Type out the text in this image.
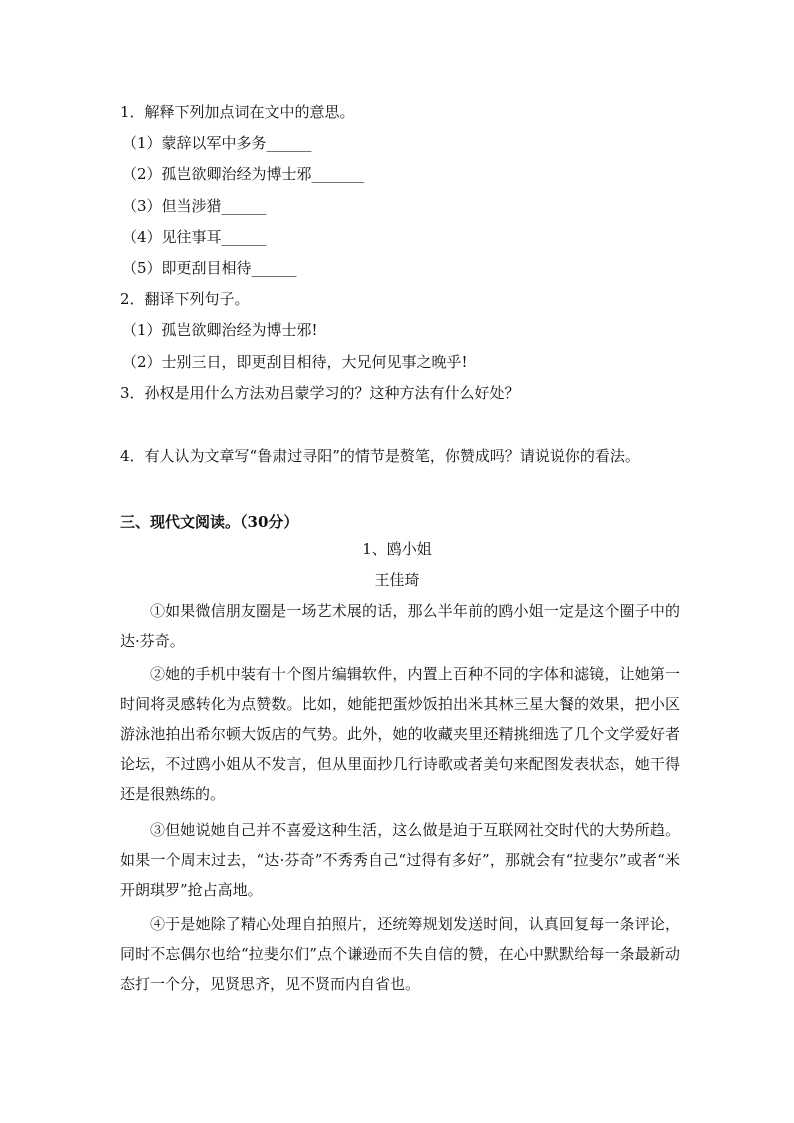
1．解释下列加点词在文中的意思。
（1）蒙辞以军中多务______
（2）孤岂欲卿治经为博士邪_______
（3）但当涉猎______
（4）见往事耳______
（5）即更刮目相待______
2．翻译下列句子。
（1）孤岂欲卿治经为博士邪!
（2）士别三日，即更刮目相待，大兄何见事之晚乎!
3．孙权是用什么方法劝吕蒙学习的？这种方法有什么好处？
4．有人认为文章写“鲁肃过寻阳”的情节是赘笔，你赞成吗？请说说你的看法。
三、现代文阅读。（30分）
1、鸥小姐
王佳琦
①如果微信朋友圈是一场艺术展的话，那么半年前的鸥小姐一定是这个圈子中的达·芬奇。
②她的手机中装有十个图片编辑软件，内置上百种不同的字体和滤镜，让她第一时间将灵感转化为点赞数。比如，她能把蛋炒饭拍出米其林三星大餐的效果，把小区游泳池拍出希尔顿大饭店的气势。此外，她的收藏夹里还精挑细选了几个文学爱好者论坛，不过鸥小姐从不发言，但从里面抄几行诗歌或者美句来配图发表状态，她干得还是很熟练的。
③但她说她自己并不喜爱这种生活，这么做是迫于互联网社交时代的大势所趋。如果一个周末过去，“达·芬奇”不秀秀自己“过得有多好”，那就会有“拉斐尔”或者“米开朗琪罗”抢占高地。
④于是她除了精心处理自拍照片，还统筹规划发送时间，认真回复每一条评论，同时不忘偶尔也给“拉斐尔们”点个谦逊而不失自信的赞，在心中默默给每一条最新动态打一个分，见贤思齐，见不贤而内自省也。
